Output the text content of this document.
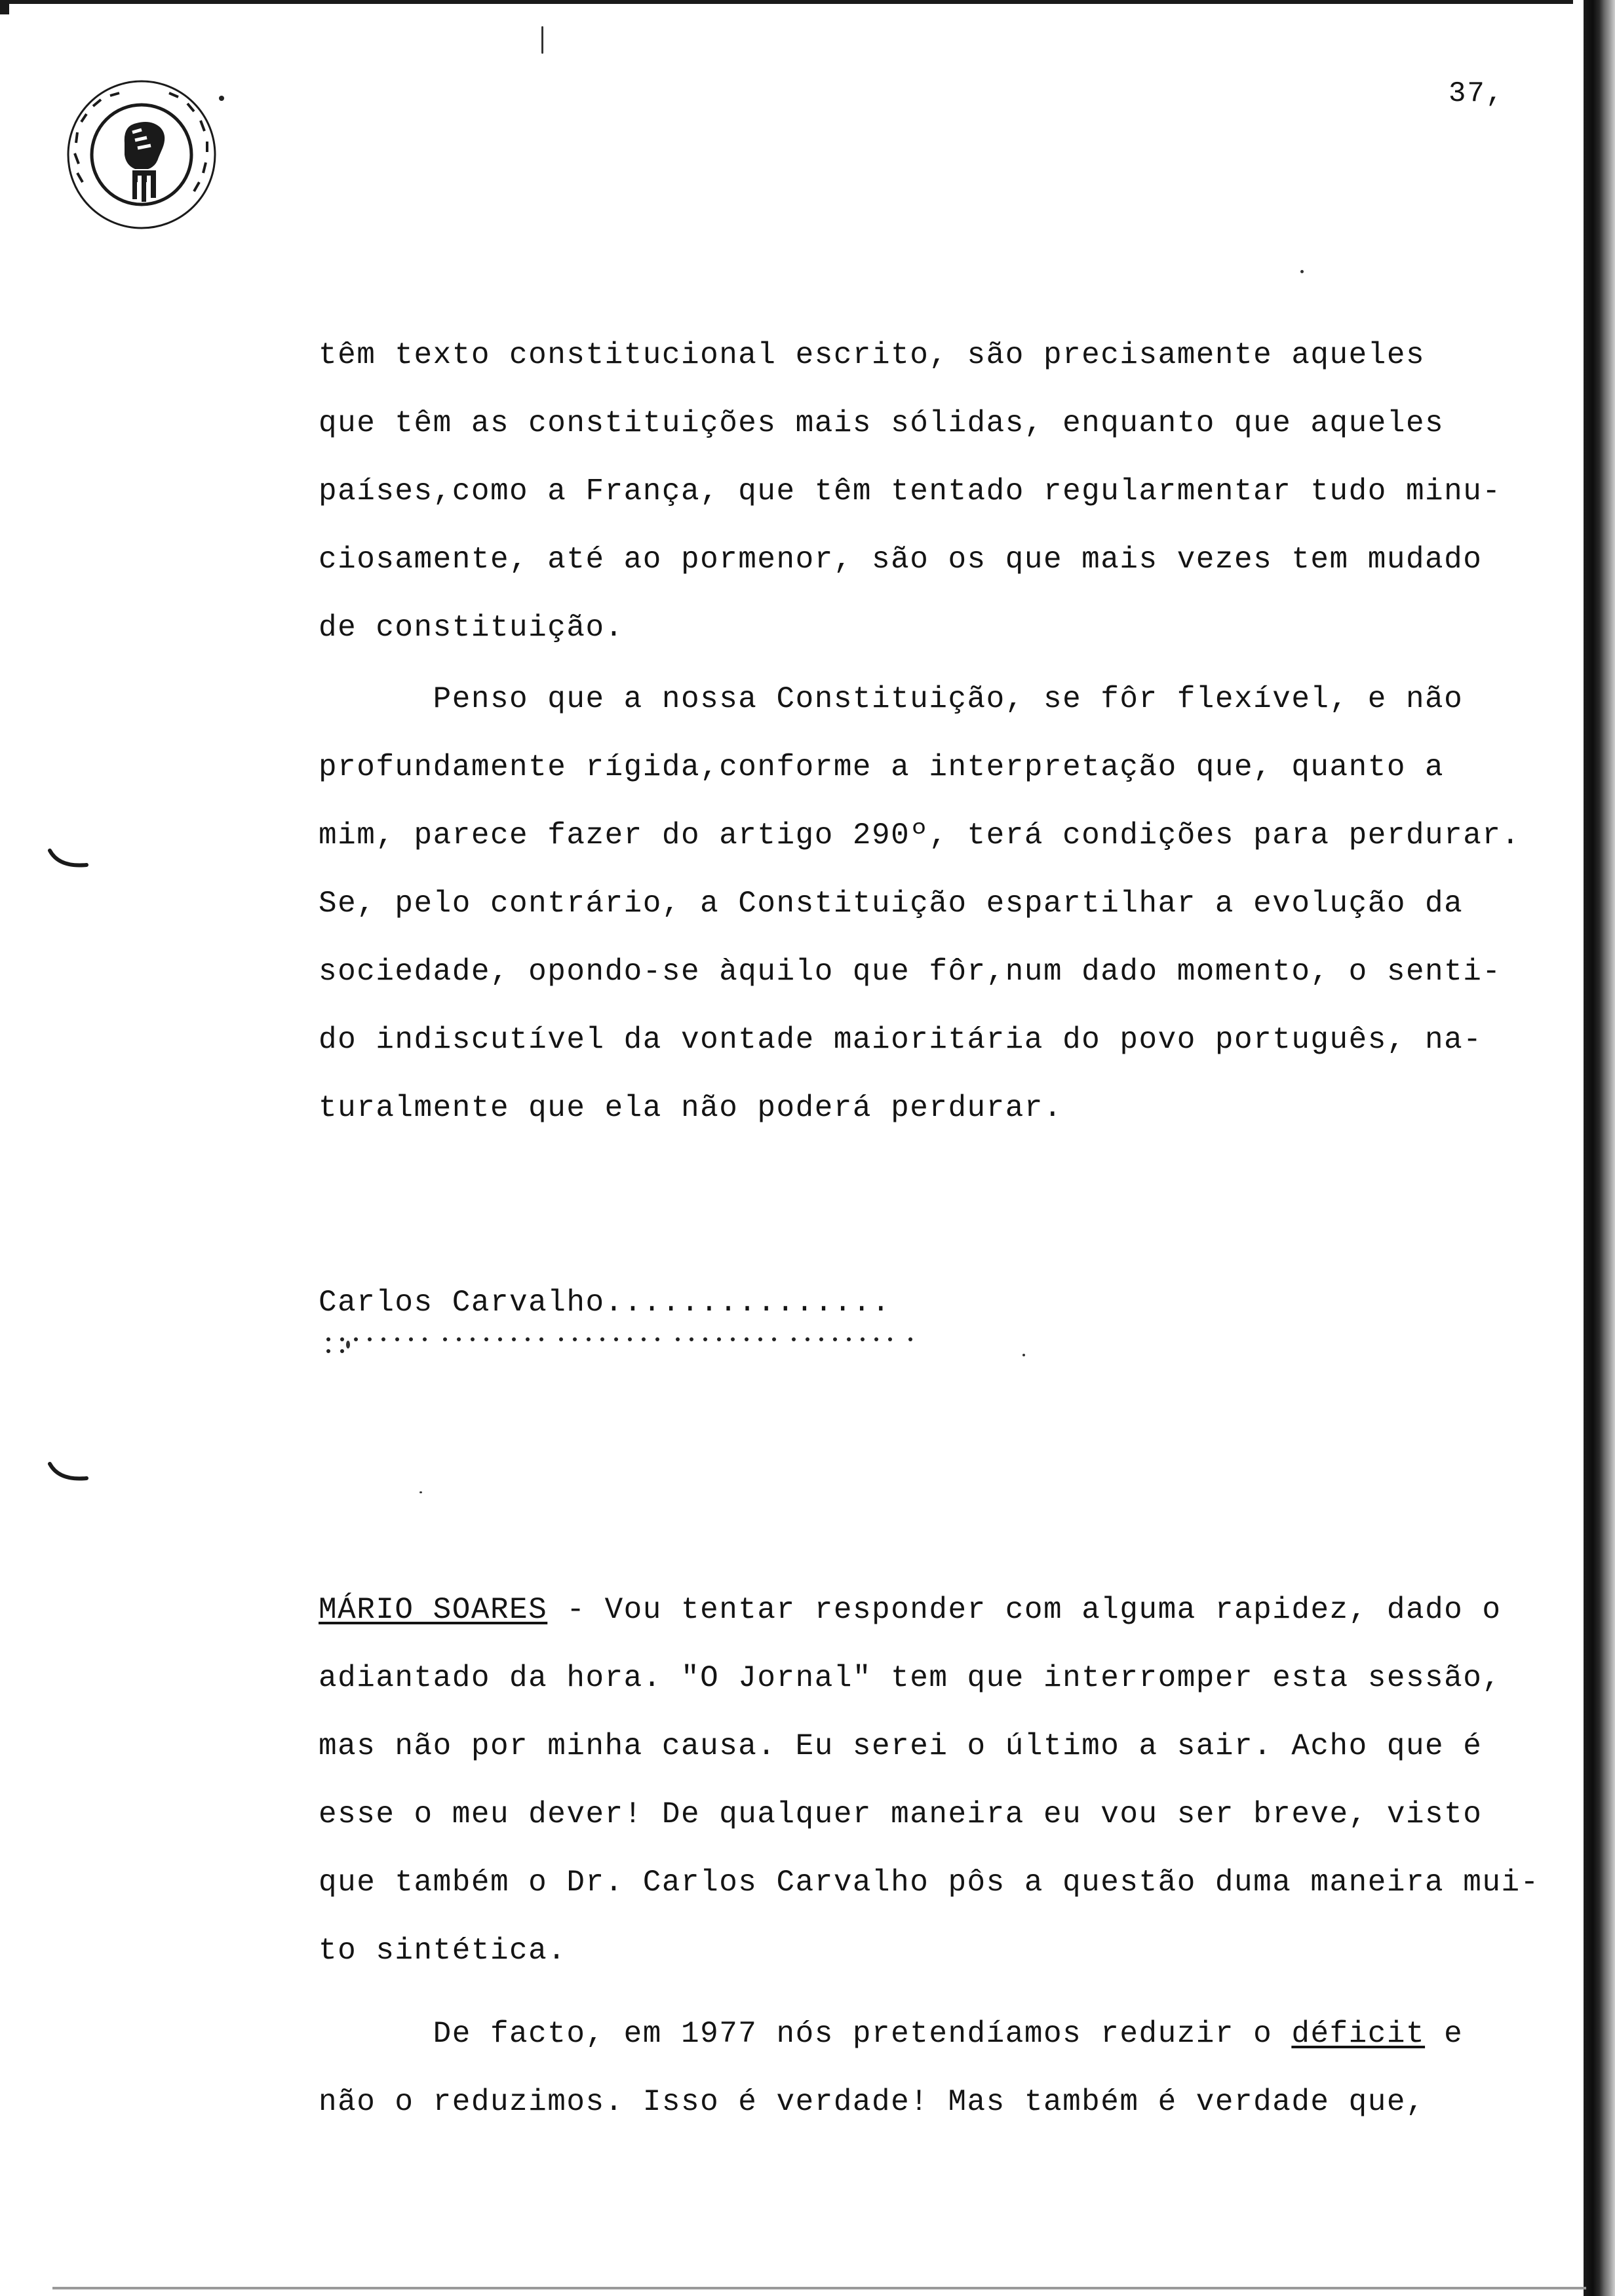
37,
têm texto constitucional escrito, são precisamente aqueles
que têm as constituições mais sólidas, enquanto que aqueles
países,como a França, que têm tentado regularmentar tudo minu-
ciosamente, até ao pormenor, são os que mais vezes tem mudado
de constituição.
Penso que a nossa Constituição, se fôr flexível, e não
profundamente rígida,conforme a interpretação que, quanto a
mim, parece fazer do artigo 290º, terá condições para perdurar.
Se, pelo contrário, a Constituição espartilhar a evolução da
sociedade, opondo-se àquilo que fôr,num dado momento, o senti-
do indiscutível da vontade maioritária do povo português, na-
turalmente que ela não poderá perdurar.
Carlos Carvalho...............

MÁRIO SOARES - Vou tentar responder com alguma rapidez, dado o
adiantado da hora. "O Jornal" tem que interromper esta sessão,
mas não por minha causa. Eu serei o último a sair. Acho que é
esse o meu dever! De qualquer maneira eu vou ser breve, visto
que também o Dr. Carlos Carvalho pôs a questão duma maneira mui-
to sintética.
De facto, em 1977 nós pretendíamos reduzir o déficit e
não o reduzimos. Isso é verdade! Mas também é verdade que,
